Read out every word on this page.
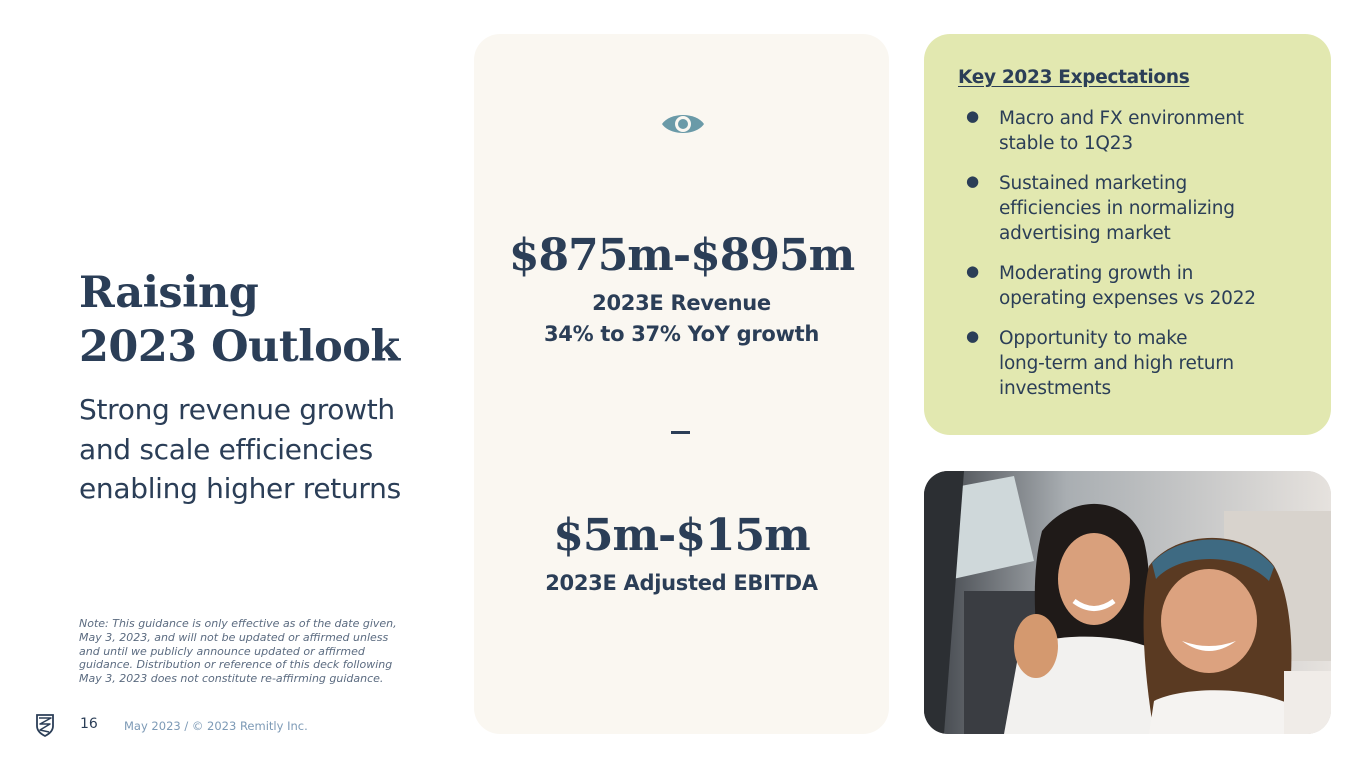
Raising
2023 Outlook
Strong revenue growth
and scale efficiencies
enabling higher returns
Note: This guidance is only effective as of the date given, May 3, 2023, and will not be updated or affirmed unless and until we publicly announce updated or affirmed guidance. Distribution or reference of this deck following May 3, 2023 does not constitute re-affirming guidance.
16 May 2023 / © 2023 Remitly Inc.
$875m-$895m
2023E Revenue
34% to 37% YoY growth
$5m-$15m
2023E Adjusted EBITDA
Key 2023 Expectations
● Macro and FX environment
stable to 1Q23
● Sustained marketing
efficiencies in normalizing
advertising market
● Moderating growth in
operating expenses vs 2022
● Opportunity to make
long-term and high return
investments
